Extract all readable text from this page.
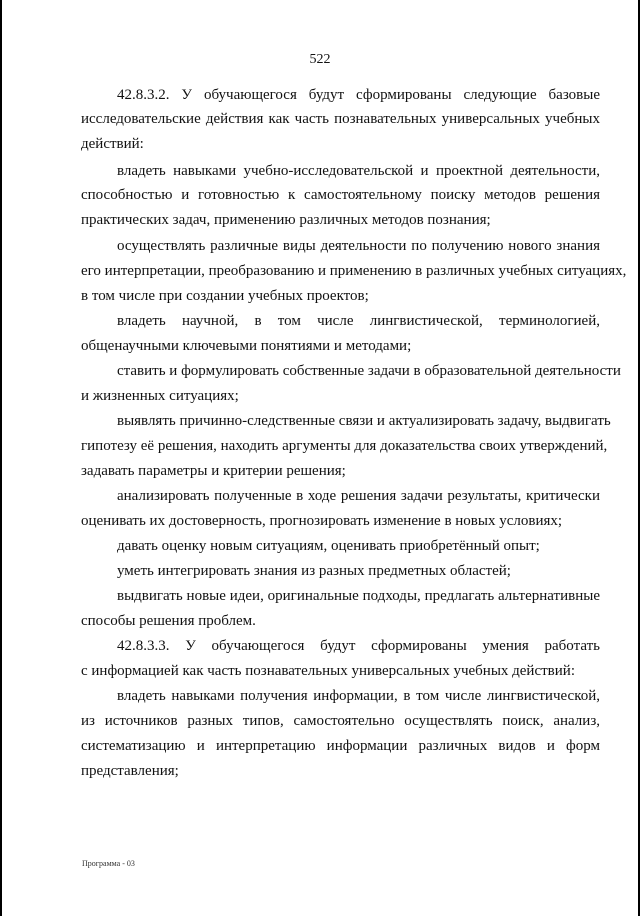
522
42.8.3.2. У обучающегося будут сформированы следующие базовые
исследовательские действия как часть познавательных универсальных учебных
действий:
владеть навыками учебно-исследовательской и проектной деятельности,
способностью и готовностью к самостоятельному поиску методов решения
практических задач, применению различных методов познания;
осуществлять различные виды деятельности по получению нового знания
его интерпретации, преобразованию и применению в различных учебных ситуациях,
в том числе при создании учебных проектов;
владеть научной, в том числе лингвистической, терминологией,
общенаучными ключевыми понятиями и методами;
ставить и формулировать собственные задачи в образовательной деятельности
и жизненных ситуациях;
выявлять причинно-следственные связи и актуализировать задачу, выдвигать
гипотезу её решения, находить аргументы для доказательства своих утверждений,
задавать параметры и критерии решения;
анализировать полученные в ходе решения задачи результаты, критически
оценивать их достоверность, прогнозировать изменение в новых условиях;
давать оценку новым ситуациям, оценивать приобретённый опыт;
уметь интегрировать знания из разных предметных областей;
выдвигать новые идеи, оригинальные подходы, предлагать альтернативные
способы решения проблем.
42.8.3.3. У обучающегося будут сформированы умения работать
с информацией как часть познавательных универсальных учебных действий:
владеть навыками получения информации, в том числе лингвистической,
из источников разных типов, самостоятельно осуществлять поиск, анализ,
систематизацию и интерпретацию информации различных видов и форм
представления;
Программа - 03
